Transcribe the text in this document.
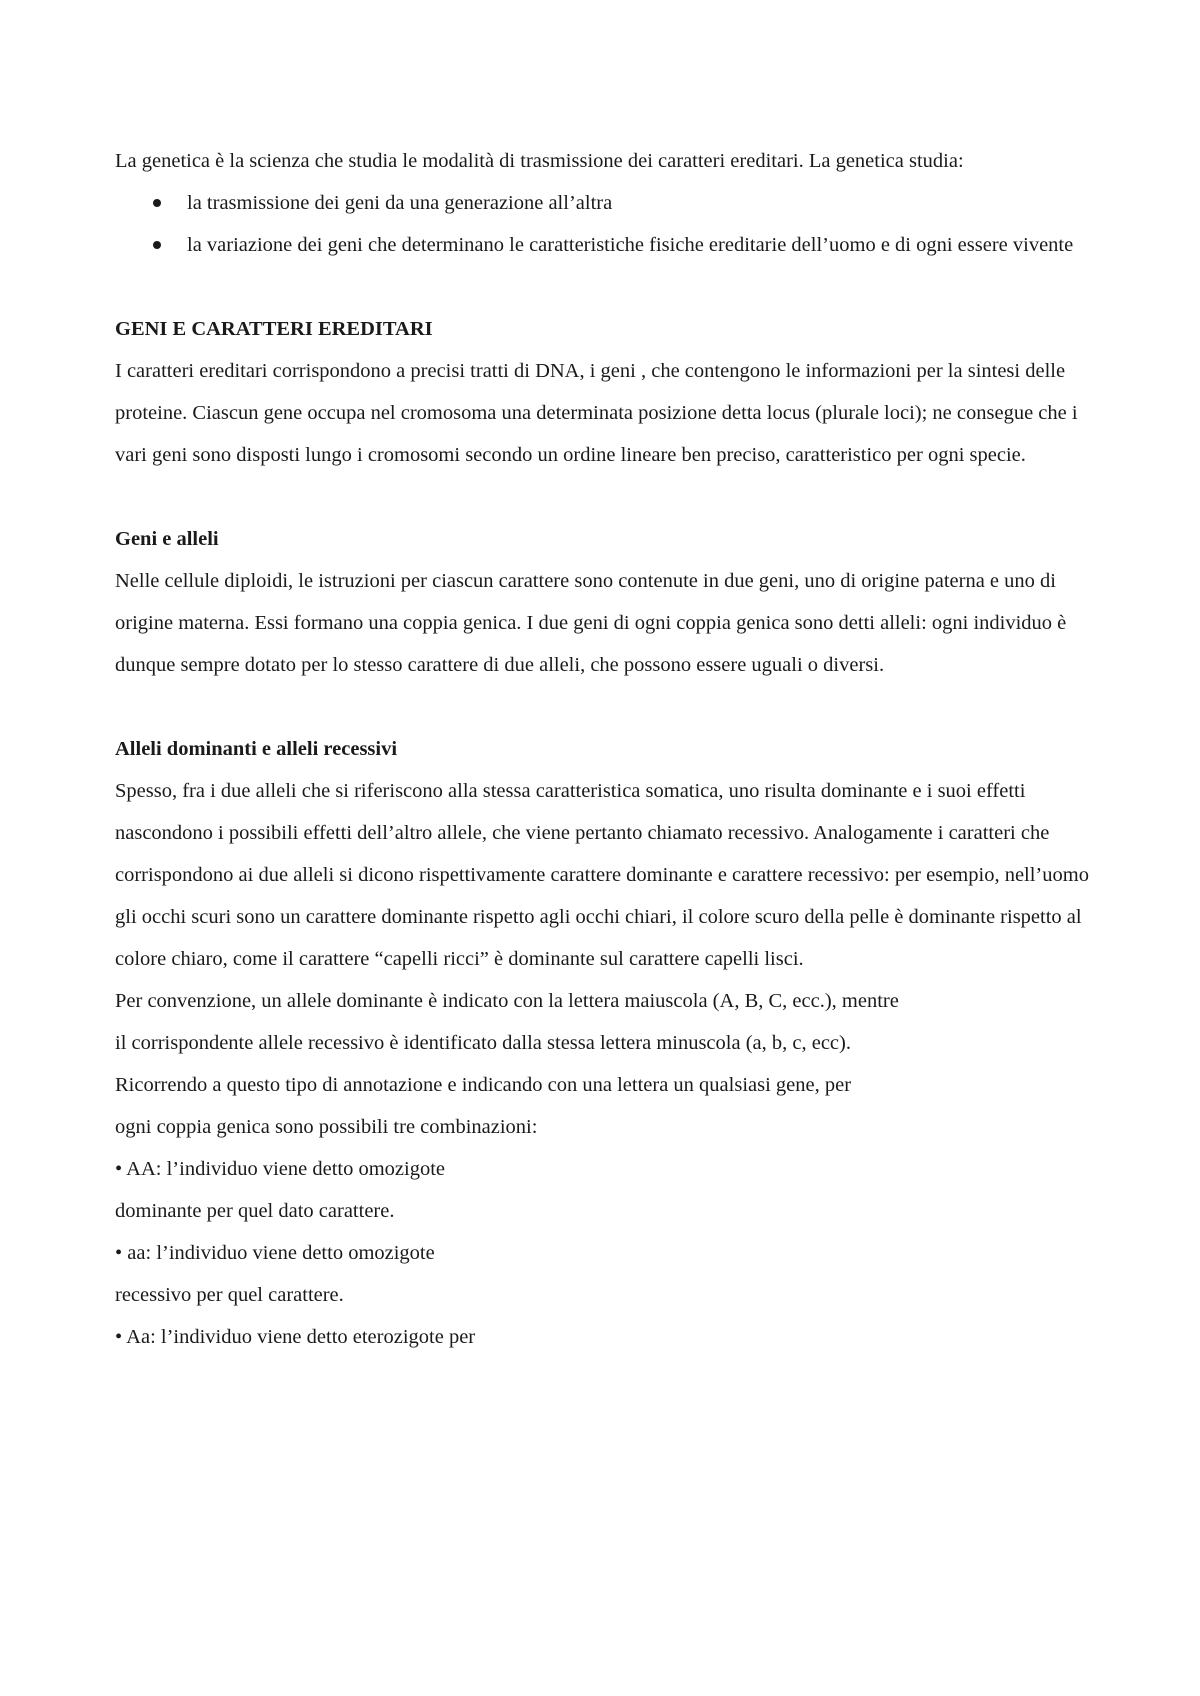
La genetica è la scienza che studia le modalità di trasmissione dei caratteri ereditari. La genetica studia:

la trasmissione dei geni da una generazione all’altra
la variazione dei geni che determinano le caratteristiche fisiche ereditarie dell’uomo e di ogni essere vivente

GENI E CARATTERI EREDITARI

I caratteri ereditari corrispondono a precisi tratti di DNA, i geni , che contengono le informazioni per la sintesi delle proteine. Ciascun gene occupa nel cromosoma una determinata posizione detta locus (plurale loci); ne consegue che i vari geni sono disposti lungo i cromosomi secondo un ordine lineare ben preciso, caratteristico per ogni specie.

Geni e alleli

Nelle cellule diploidi, le istruzioni per ciascun carattere sono contenute in due geni, uno di origine paterna e uno di origine materna. Essi formano una coppia genica. I due geni di ogni coppia genica sono detti alleli: ogni individuo è dunque sempre dotato per lo stesso carattere di due alleli, che possono essere uguali o diversi.

Alleli dominanti e alleli recessivi

Spesso, fra i due alleli che si riferiscono alla stessa caratteristica somatica, uno risulta dominante e i suoi effetti nascondono i possibili effetti dell’altro allele, che viene pertanto chiamato recessivo. Analogamente i caratteri che corrispondono ai due alleli si dicono rispettivamente carattere dominante e carattere recessivo: per esempio, nell’uomo gli occhi scuri sono un carattere dominante rispetto agli occhi chiari, il colore scuro della pelle è dominante rispetto al colore chiaro, come il carattere “capelli ricci” è dominante sul carattere capelli lisci.

Per convenzione, un allele dominante è indicato con la lettera maiuscola (A, B, C, ecc.), mentre

il corrispondente allele recessivo è identificato dalla stessa lettera minuscola (a, b, c, ecc).

Ricorrendo a questo tipo di annotazione e indicando con una lettera un qualsiasi gene, per

ogni coppia genica sono possibili tre combinazioni:

• AA: l’individuo viene detto omozigote

dominante per quel dato carattere.

• aa: l’individuo viene detto omozigote

recessivo per quel carattere.

• Aa: l’individuo viene detto eterozigote per
